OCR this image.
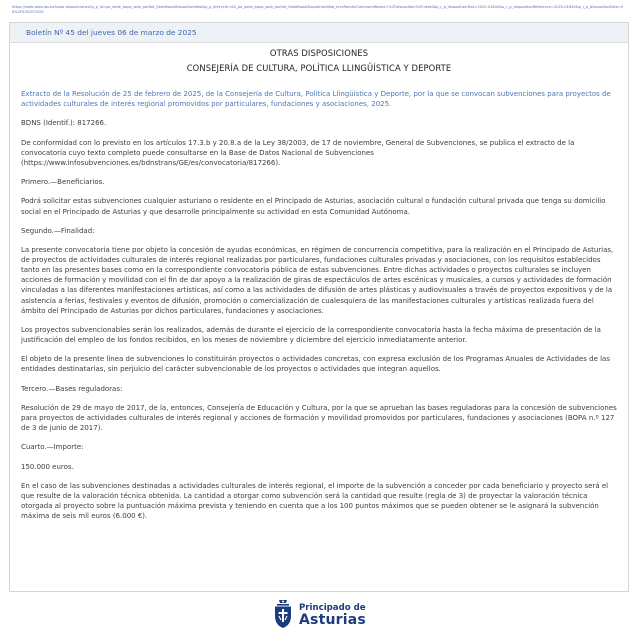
https://sede.asturias.es/bopa-disposiciones?p_p_id=pa_sede_bopa_web_portlet_SedeBopaDispositionWeb&p_p_lifecycle=0&_pa_sede_bopa_web_portlet_SedeBopaDispositionWeb_mvcRenderCommandName=%2Fdisposition%2Fdetail&p_r_p_dispositionText=2025-01844&p_r_p_dispositionReference=2025-01844&p_r_p_dispositionDate=06%2F03%2F2025
Boletín Nº 45 del jueves 06 de marzo de 2025
OTRAS DISPOSICIONES
CONSEJERÍA DE CULTURA, POLÍTICA LLINGÜÍSTICA Y DEPORTE

Extracto de la Resolución de 25 de febrero de 2025, de la Consejería de Cultura, Política Llingüística y Deporte, por la que se convocan subvenciones para proyectos de actividades culturales de interés regional promovidos por particulares, fundaciones y asociaciones, 2025.

BDNS (Identif.): 817266.

De conformidad con lo previsto en los artículos 17.3.b y 20.8.a de la Ley 38/2003, de 17 de noviembre, General de Subvenciones, se publica el extracto de la convocatoria cuyo texto completo puede consultarse en la Base de Datos Nacional de Subvenciones (https://www.infosubvenciones.es/bdnstrans/GE/es/convocatoria/817266).

Primero.—Beneficiarios.

Podrá solicitar estas subvenciones cualquier asturiano o residente en el Principado de Asturias, asociación cultural o fundación cultural privada que tenga su domicilio social en el Principado de Asturias y que desarrolle principalmente su actividad en esta Comunidad Autónoma.

Segundo.—Finalidad:

La presente convocatoria tiene por objeto la concesión de ayudas económicas, en régimen de concurrencia competitiva, para la realización en el Principado de Asturias, de proyectos de actividades culturales de interés regional realizadas por particulares, fundaciones culturales privadas y asociaciones, con los requisitos establecidos tanto en las presentes bases como en la correspondiente convocatoria pública de estas subvenciones. Entre dichas actividades o proyectos culturales se incluyen acciones de formación y movilidad con el fin de dar apoyo a la realización de giras de espectáculos de artes escénicas y musicales, a cursos y actividades de formación vinculadas a las diferentes manifestaciones artísticas, así como a las actividades de difusión de artes plásticas y audiovisuales a través de proyectos expositivos y de la asistencia a ferias, festivales y eventos de difusión, promoción o comercialización de cualesquiera de las manifestaciones culturales y artísticas realizada fuera del ámbito del Principado de Asturias por dichos particulares, fundaciones y asociaciones.

Los proyectos subvencionables serán los realizados, además de durante el ejercicio de la correspondiente convocatoria hasta la fecha máxima de presentación de la justificación del empleo de los fondos recibidos, en los meses de noviembre y diciembre del ejercicio inmediatamente anterior.

El objeto de la presente línea de subvenciones lo constituirán proyectos o actividades concretas, con expresa exclusión de los Programas Anuales de Actividades de las entidades destinatarias, sin perjuicio del carácter subvencionable de los proyectos o actividades que integran aquellos.

Tercero.—Bases reguladoras:

Resolución de 29 de mayo de 2017, de la, entonces, Consejería de Educación y Cultura, por la que se aprueban las bases reguladoras para la concesión de subvenciones para proyectos de actividades culturales de interés regional y acciones de formación y movilidad promovidos por particulares, fundaciones y asociaciones (BOPA n.º 127 de 3 de junio de 2017).

Cuarto.—Importe:

150.000 euros.

En el caso de las subvenciones destinadas a actividades culturales de interés regional, el importe de la subvención a conceder por cada beneficiario y proyecto será el que resulte de la valoración técnica obtenida. La cantidad a otorgar como subvención será la cantidad que resulte (regla de 3) de proyectar la valoración técnica otorgada al proyecto sobre la puntuación máxima prevista y teniendo en cuenta que a los 100 puntos máximos que se pueden obtener se le asignará la subvención máxima de seis mil euros (6.000 €).

Principado de
Asturias
